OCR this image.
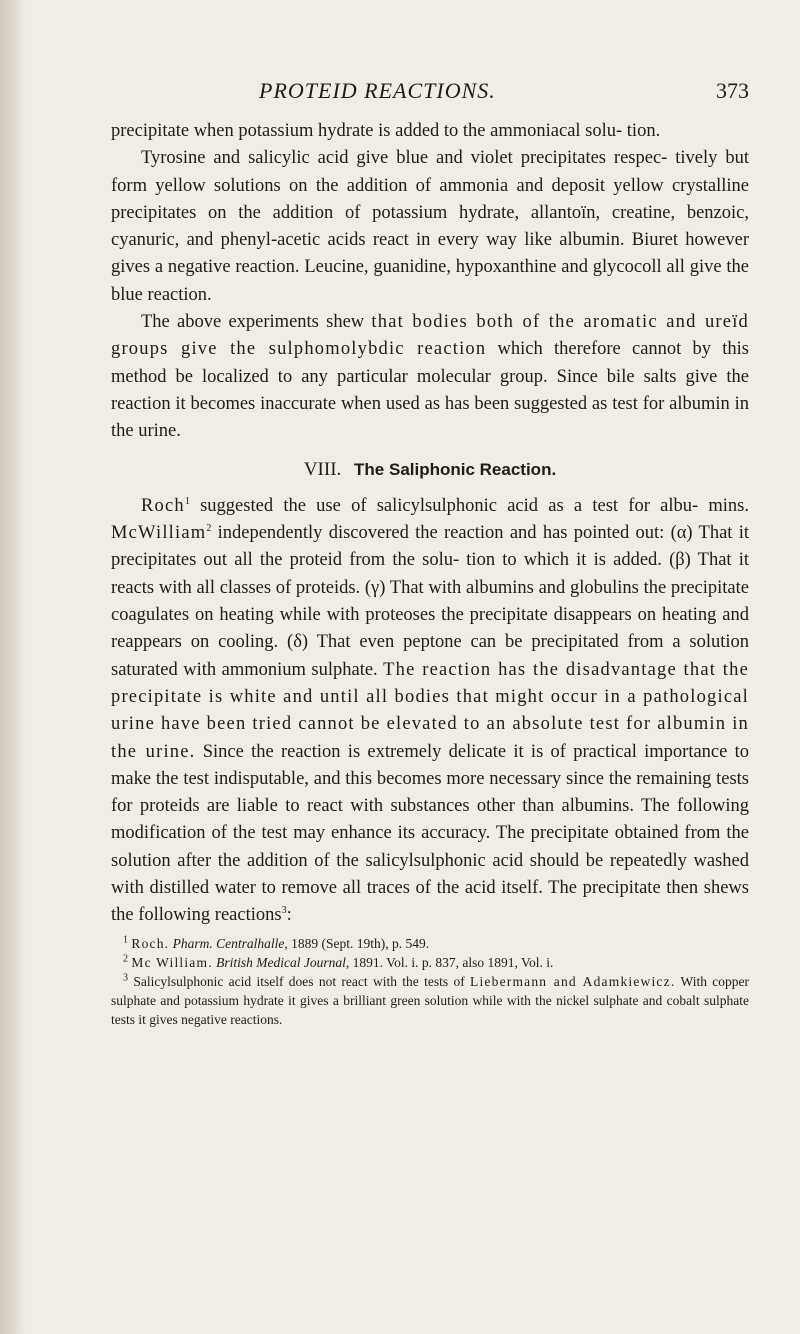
PROTEID REACTIONS.	373

precipitate when potassium hydrate is added to the ammoniacal solu- tion.

Tyrosine and salicylic acid give blue and violet precipitates respec- tively but form yellow solutions on the addition of ammonia and deposit yellow crystalline precipitates on the addition of potassium hydrate, allantoïn, creatine, benzoic, cyanuric, and phenyl-acetic acids react in every way like albumin. Biuret however gives a negative reaction. Leucine, guanidine, hypoxanthine and glycocoll all give the blue reaction.

The above experiments shew that bodies both of the aromatic and ureïd groups give the sulphomolybdic reaction which therefore cannot by this method be localized to any particular molecular group. Since bile salts give the reaction it becomes inaccurate when used as has been suggested as test for albumin in the urine.

VIII. The Saliphonic Reaction.

Roch$^1$ suggested the use of salicylsulphonic acid as a test for albu- mins. McWilliam$^2$ independently discovered the reaction and has pointed out: (α) That it precipitates out all the proteid from the solu- tion to which it is added. (β) That it reacts with all classes of proteids. (γ) That with albumins and globulins the precipitate coagulates on heating while with proteoses the precipitate disappears on heating and reappears on cooling. (δ) That even peptone can be precipitated from a solution saturated with ammonium sulphate. The reaction has the disadvantage that the precipitate is white and until all bodies that might occur in a pathological urine have been tried cannot be elevated to an absolute test for albumin in the urine. Since the reaction is extremely delicate it is of practical importance to make the test indisputable, and this becomes more necessary since the remaining tests for proteids are liable to react with substances other than albumins. The following modification of the test may enhance its accuracy. The precipitate obtained from the solution after the addition of the salicylsulphonic acid should be repeatedly washed with distilled water to remove all traces of the acid itself. The precipitate then shews the following reactions$^3$:

$^1$ Roch. Pharm. Centralhalle, 1889 (Sept. 19th), p. 549.

$^2$ Mc William. British Medical Journal, 1891. Vol. i. p. 837, also 1891, Vol. i.

$^3$ Salicylsulphonic acid itself does not react with the tests of Liebermann and Adamkiewicz. With copper sulphate and potassium hydrate it gives a brilliant green solution while with the nickel sulphate and cobalt sulphate tests it gives negative reactions.
